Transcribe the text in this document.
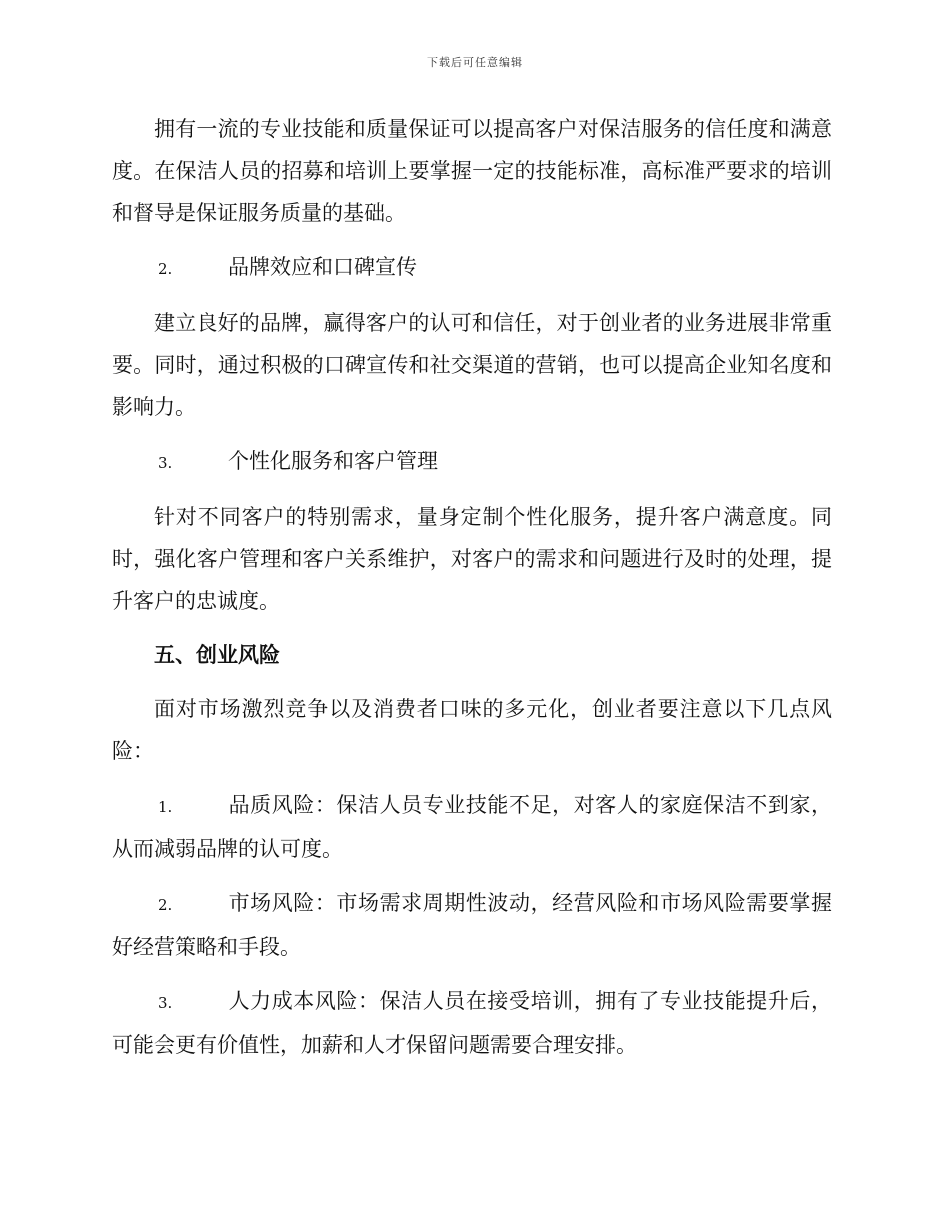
下载后可任意编辑

拥有一流的专业技能和质量保证可以提高客户对保洁服务的信任度和满意度。在保洁人员的招募和培训上要掌握一定的技能标准，高标准严要求的培训和督导是保证服务质量的基础。

2.	品牌效应和口碑宣传

建立良好的品牌，赢得客户的认可和信任，对于创业者的业务进展非常重要。同时，通过积极的口碑宣传和社交渠道的营销，也可以提高企业知名度和影响力。

3.	个性化服务和客户管理

针对不同客户的特别需求，量身定制个性化服务，提升客户满意度。同时，强化客户管理和客户关系维护，对客户的需求和问题进行及时的处理，提升客户的忠诚度。

五、创业风险

面对市场激烈竞争以及消费者口味的多元化，创业者要注意以下几点风险：

1.	品质风险：保洁人员专业技能不足，对客人的家庭保洁不到家，从而减弱品牌的认可度。

2.	市场风险：市场需求周期性波动，经营风险和市场风险需要掌握好经营策略和手段。

3.	人力成本风险：保洁人员在接受培训，拥有了专业技能提升后，可能会更有价值性，加薪和人才保留问题需要合理安排。
